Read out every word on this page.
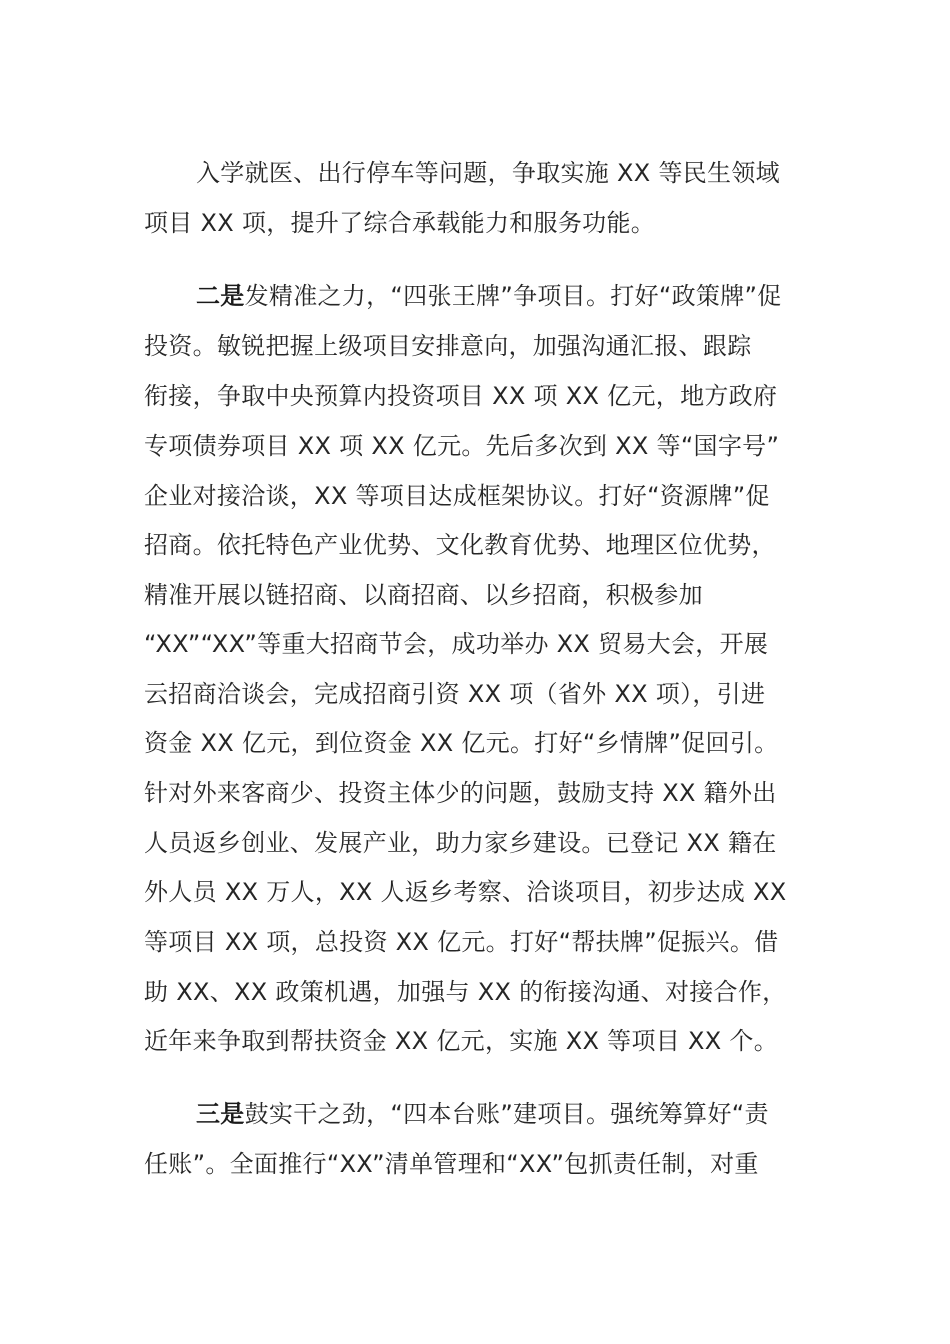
入学就医、出行停车等问题，争取实施 XX 等民生领域
项目 XX 项，提升了综合承载能力和服务功能。
二是发精准之力，“四张王牌”争项目。打好“政策牌”促
投资。敏锐把握上级项目安排意向，加强沟通汇报、跟踪
衔接，争取中央预算内投资项目 XX 项 XX 亿元，地方政府
专项债券项目 XX 项 XX 亿元。先后多次到 XX 等“国字号”
企业对接洽谈，XX 等项目达成框架协议。打好“资源牌”促
招商。依托特色产业优势、文化教育优势、地理区位优势，
精准开展以链招商、以商招商、以乡招商，积极参加
“XX”“XX”等重大招商节会，成功举办 XX 贸易大会，开展
云招商洽谈会，完成招商引资 XX 项（省外 XX 项），引进
资金 XX 亿元，到位资金 XX 亿元。打好“乡情牌”促回引。
针对外来客商少、投资主体少的问题，鼓励支持 XX 籍外出
人员返乡创业、发展产业，助力家乡建设。已登记 XX 籍在
外人员 XX 万人，XX 人返乡考察、洽谈项目，初步达成 XX
等项目 XX 项，总投资 XX 亿元。打好“帮扶牌”促振兴。借
助 XX、XX 政策机遇，加强与 XX 的衔接沟通、对接合作，
近年来争取到帮扶资金 XX 亿元，实施 XX 等项目 XX 个。
三是鼓实干之劲，“四本台账”建项目。强统筹算好“责
任账”。全面推行“XX”清单管理和“XX”包抓责任制，对重
